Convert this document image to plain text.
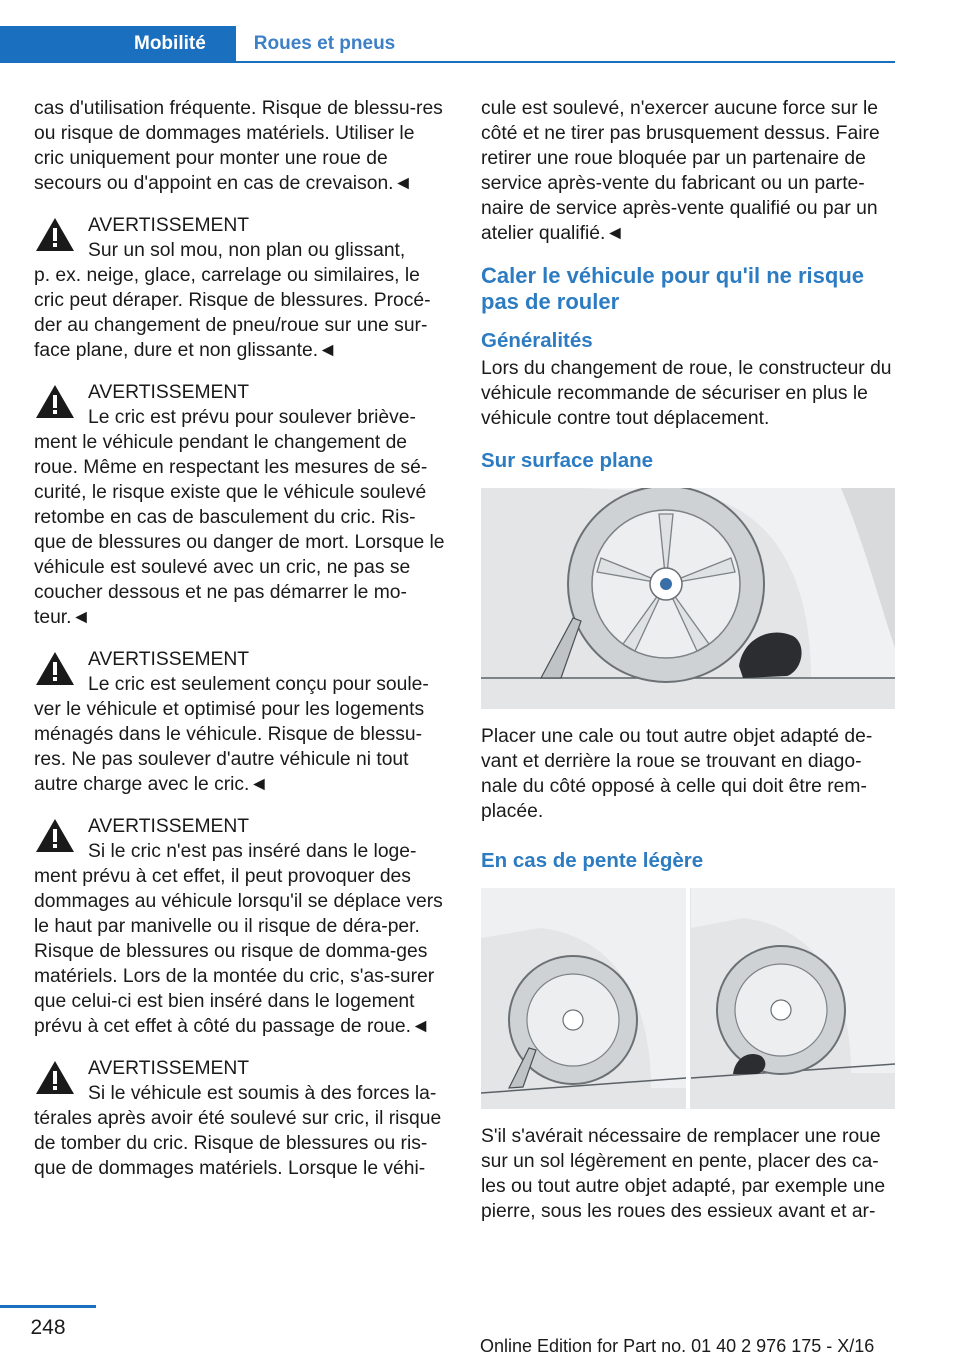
Mobilité	Roues et pneus

cas d'utilisation fréquente. Risque de blessu-res ou risque de dommages matériels. Utiliser le cric uniquement pour monter une roue de secours ou d'appoint en cas de crevaison.◄

AVERTISSEMENT

Sur un sol mou, non plan ou glissant,

p. ex. neige, glace, carrelage ou similaires, le cric peut déraper. Risque de blessures. Procé-der au changement de pneu/roue sur une sur-face plane, dure et non glissante.◄

AVERTISSEMENT

Le cric est prévu pour soulever briève-

ment le véhicule pendant le changement de roue. Même en respectant les mesures de sé-curité, le risque existe que le véhicule soulevé retombe en cas de basculement du cric. Ris-que de blessures ou danger de mort. Lorsque le véhicule est soulevé avec un cric, ne pas se coucher dessous et ne pas démarrer le mo-teur.◄

AVERTISSEMENT

Le cric est seulement conçu pour soule-

ver le véhicule et optimisé pour les logements ménagés dans le véhicule. Risque de blessu-res. Ne pas soulever d'autre véhicule ni tout autre charge avec le cric.◄

AVERTISSEMENT

Si le cric n'est pas inséré dans le loge-

ment prévu à cet effet, il peut provoquer des dommages au véhicule lorsqu'il se déplace vers le haut par manivelle ou il risque de déra-per. Risque de blessures ou risque de domma-ges matériels. Lors de la montée du cric, s'as-surer que celui-ci est bien inséré dans le logement prévu à cet effet à côté du passage de roue.◄

AVERTISSEMENT

Si le véhicule est soumis à des forces la-

térales après avoir été soulevé sur cric, il risque de tomber du cric. Risque de blessures ou ris-que de dommages matériels. Lorsque le véhi-

cule est soulevé, n'exercer aucune force sur le côté et ne tirer pas brusquement dessus. Faire retirer une roue bloquée par un partenaire de service après-vente du fabricant ou un parte-naire de service après-vente qualifié ou par un atelier qualifié.◄

Caler le véhicule pour qu'il ne risque pas de rouler
Généralités

Lors du changement de roue, le constructeur du véhicule recommande de sécuriser en plus le véhicule contre tout déplacement.

Sur surface plane

Placer une cale ou tout autre objet adapté de-vant et derrière la roue se trouvant en diago-nale du côté opposé à celle qui doit être rem-placée.

En cas de pente légère

S'il s'avérait nécessaire de remplacer une roue sur un sol légèrement en pente, placer des ca-les ou tout autre objet adapté, par exemple une pierre, sous les roues des essieux avant et ar-

248
Online Edition for Part no. 01 40 2 976 175 - X/16
